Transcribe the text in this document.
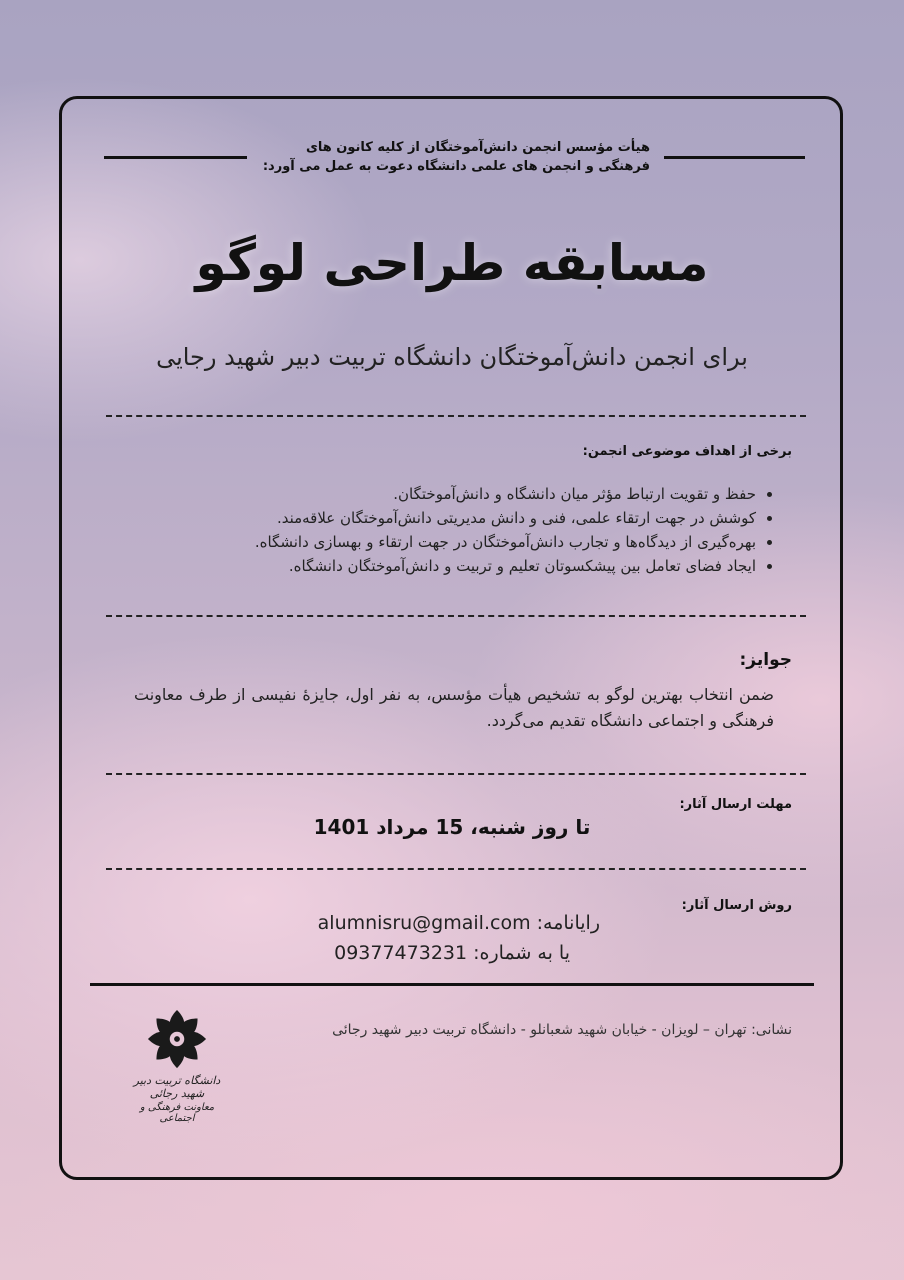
هیأت مؤسس انجمن دانش‌آموختگان از کلیه کانون های
فرهنگی و انجمن های علمی دانشگاه دعوت به عمل می آورد:
مسابقه طراحی لوگو
برای انجمن دانش‌آموختگان دانشگاه تربیت دبیر شهید رجایی
برخی از اهداف موضوعی انجمن:
• حفظ و تقویت ارتباط مؤثر میان دانشگاه و دانش‌آموختگان.
• کوشش در جهت ارتقاء علمی، فنی و دانش مدیریتی دانش‌آموختگان علاقه‌مند.
• بهره‌گیری از دیدگاه‌ها و تجارب دانش‌آموختگان در جهت ارتقاء و بهسازی دانشگاه.
• ایجاد فضای تعامل بین پیشکسوتان تعلیم و تربیت و دانش‌آموختگان دانشگاه.
جوایز:
ضمن انتخاب بهترین لوگو به تشخیص هیأت مؤسس، به نفر اول، جایزۀ نفیسی از طرف معاونت فرهنگی و اجتماعی دانشگاه تقدیم می‌گردد.
مهلت ارسال آثار:
تا روز شنبه، 15 مرداد 1401
روش ارسال آثار:
رایانامه: alumnisru@gmail.com
یا به شماره: 09377473231
نشانی: تهران – لویزان - خیابان شهید شعبانلو - دانشگاه تربیت دبیر شهید رجائی
دانشگاه تربیت دبیر شهید رجائی
معاونت فرهنگی و اجتماعی
